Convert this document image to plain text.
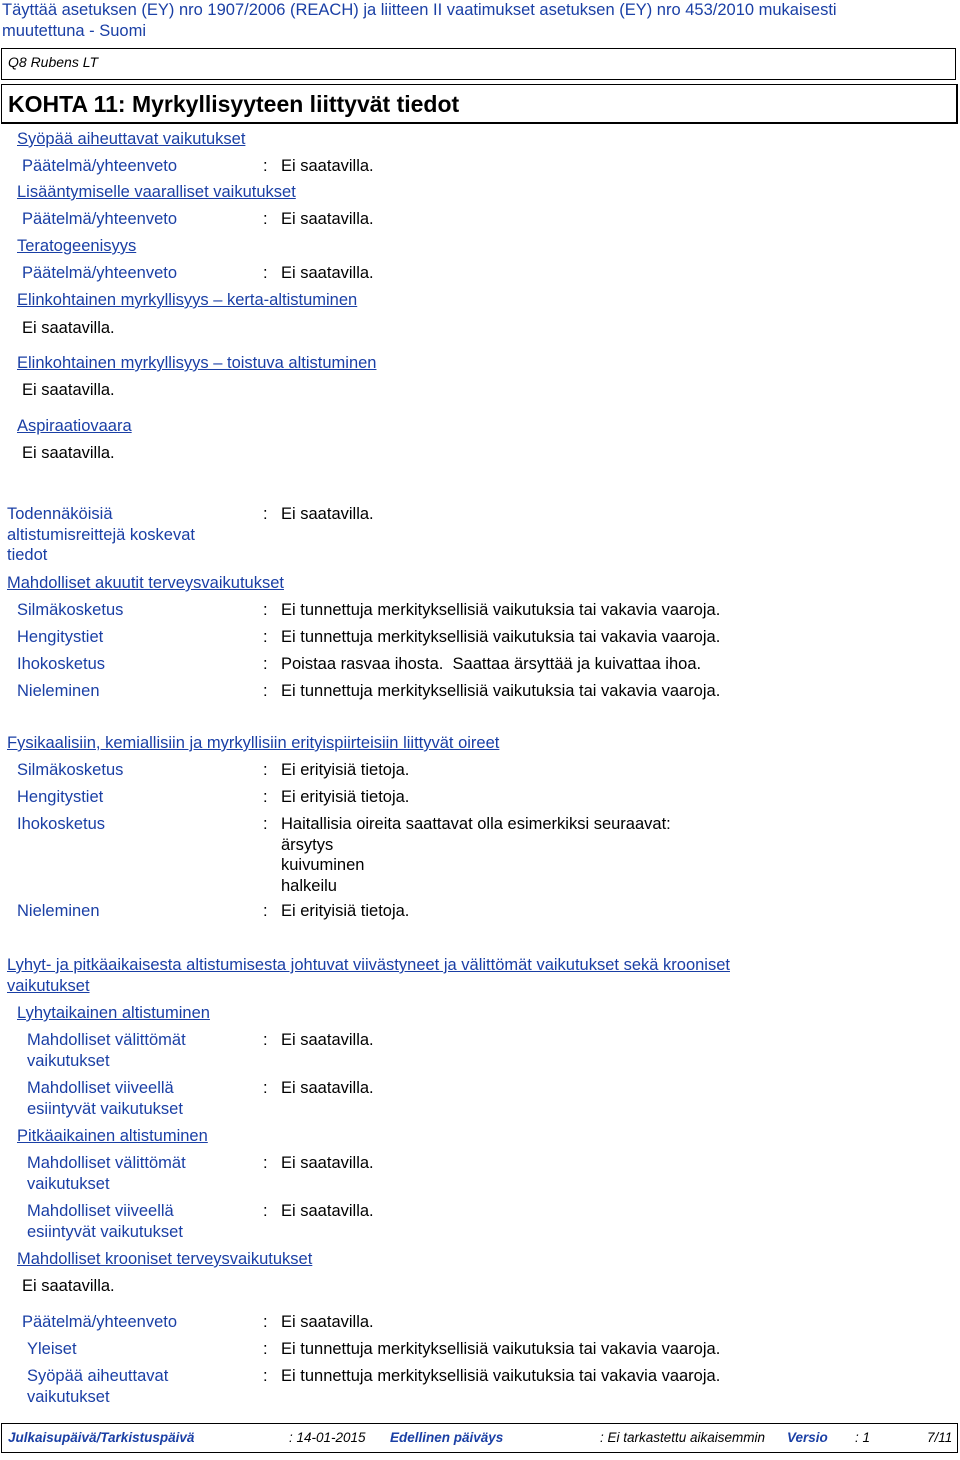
Täyttää asetuksen (EY) nro 1907/2006 (REACH) ja liitteen II vaatimukset asetuksen (EY) nro 453/2010 mukaisesti
muutettuna - Suomi
Q8 Rubens LT
KOHTA 11: Myrkyllisyyteen liittyvät tiedot
Syöpää aiheuttavat vaikutukset
Päätelmä/yhteenveto	: Ei saatavilla.
Lisääntymiselle vaaralliset vaikutukset
Päätelmä/yhteenveto	: Ei saatavilla.
Teratogeenisyys
Päätelmä/yhteenveto	: Ei saatavilla.
Elinkohtainen myrkyllisyys – kerta-altistuminen
Ei saatavilla.
Elinkohtainen myrkyllisyys – toistuva altistuminen
Ei saatavilla.
Aspiraatiovaara
Ei saatavilla.
Todennäköisiä
altistumisreittejä koskevat
tiedot
: Ei saatavilla.
Mahdolliset akuutit terveysvaikutukset
Silmäkosketus	: Ei tunnettuja merkityksellisiä vaikutuksia tai vakavia vaaroja.
Hengitystiet	: Ei tunnettuja merkityksellisiä vaikutuksia tai vakavia vaaroja.
Ihokosketus	: Poistaa rasvaa ihosta.  Saattaa ärsyttää ja kuivattaa ihoa.
Nieleminen	: Ei tunnettuja merkityksellisiä vaikutuksia tai vakavia vaaroja.
Fysikaalisiin, kemiallisiin ja myrkyllisiin erityispiirteisiin liittyvät oireet
Silmäkosketus	: Ei erityisiä tietoja.
Hengitystiet	: Ei erityisiä tietoja.
Ihokosketus	: Haitallisia oireita saattavat olla esimerkiksi seuraavat:
ärsytys
kuivuminen
halkeilu
Nieleminen	: Ei erityisiä tietoja.
Lyhyt- ja pitkäaikaisesta altistumisesta johtuvat viivästyneet ja välittömät vaikutukset sekä krooniset
vaikutukset
Lyhytaikainen altistuminen
Mahdolliset välittömät
vaikutukset
: Ei saatavilla.
Mahdolliset viiveellä
esiintyvät vaikutukset
: Ei saatavilla.
Pitkäaikainen altistuminen
Mahdolliset välittömät
vaikutukset
: Ei saatavilla.
Mahdolliset viiveellä
esiintyvät vaikutukset
: Ei saatavilla.
Mahdolliset krooniset terveysvaikutukset
Ei saatavilla.
Päätelmä/yhteenveto	: Ei saatavilla.
Yleiset	: Ei tunnettuja merkityksellisiä vaikutuksia tai vakavia vaaroja.
Syöpää aiheuttavat
vaikutukset
: Ei tunnettuja merkityksellisiä vaikutuksia tai vakavia vaaroja.
Julkaisupäivä/Tarkistuspäivä	: 14-01-2015 Edellinen päiväys	: Ei tarkastettu aikaisemmin Versio : 1	7/11
